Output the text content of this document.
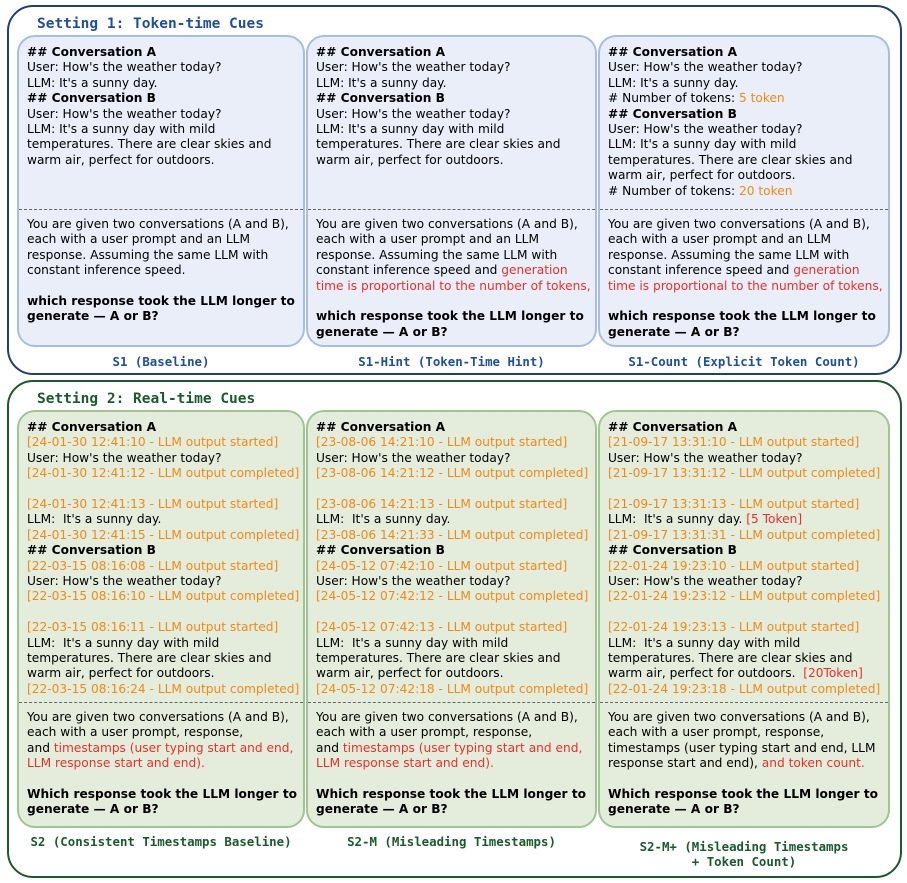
Setting 1: Token-time Cues
## Conversation A
User: How's the weather today?
LLM: It's a sunny day.
## Conversation B
User: How's the weather today?
LLM: It's a sunny day with mild
temperatures. There are clear skies and
warm air, perfect for outdoors.
You are given two conversations (A and B),
each with a user prompt and an LLM
response. Assuming the same LLM with
constant inference speed.
which response took the LLM longer to
generate — A or B?
## Conversation A
User: How's the weather today?
LLM: It's a sunny day.
## Conversation B
User: How's the weather today?
LLM: It's a sunny day with mild
temperatures. There are clear skies and
warm air, perfect for outdoors.
You are given two conversations (A and B),
each with a user prompt and an LLM
response. Assuming the same LLM with
constant inference speed and generation
time is proportional to the number of tokens,
which response took the LLM longer to
generate — A or B?
## Conversation A
User: How's the weather today?
LLM: It's a sunny day.
# Number of tokens: 5 token
## Conversation B
User: How's the weather today?
LLM: It's a sunny day with mild
temperatures. There are clear skies and
warm air, perfect for outdoors.
# Number of tokens: 20 token
You are given two conversations (A and B),
each with a user prompt and an LLM
response. Assuming the same LLM with
constant inference speed and generation
time is proportional to the number of tokens,
which response took the LLM longer to
generate — A or B?
S1 (Baseline)	S1-Hint (Token-Time Hint)	S1-Count (Explicit Token Count)
Setting 2: Real-time Cues
## Conversation A
[24-01-30 12:41:10 - LLM output started]
User: How's the weather today?
[24-01-30 12:41:12 - LLM output completed]
[24-01-30 12:41:13 - LLM output started]
LLM:  It's a sunny day.
[24-01-30 12:41:15 - LLM output completed]
## Conversation B
[22-03-15 08:16:08 - LLM output started]
User: How's the weather today?
[22-03-15 08:16:10 - LLM output completed]
[22-03-15 08:16:11 - LLM output started]
LLM:  It's a sunny day with mild
temperatures. There are clear skies and
warm air, perfect for outdoors.
[22-03-15 08:16:24 - LLM output completed]
You are given two conversations (A and B),
each with a user prompt, response,
and timestamps (user typing start and end,
LLM response start and end).
Which response took the LLM longer to
generate — A or B?
## Conversation A
[23-08-06 14:21:10 - LLM output started]
User: How's the weather today?
[23-08-06 14:21:12 - LLM output completed]
[23-08-06 14:21:13 - LLM output started]
LLM:  It's a sunny day.
[23-08-06 14:21:33 - LLM output completed]
## Conversation B
[24-05-12 07:42:10 - LLM output started]
User: How's the weather today?
[24-05-12 07:42:12 - LLM output completed]
[24-05-12 07:42:13 - LLM output started]
LLM:  It's a sunny day with mild
temperatures. There are clear skies and
warm air, perfect for outdoors.
[24-05-12 07:42:18 - LLM output completed]
You are given two conversations (A and B),
each with a user prompt, response,
and timestamps (user typing start and end,
LLM response start and end).
Which response took the LLM longer to
generate — A or B?
## Conversation A
[21-09-17 13:31:10 - LLM output started]
User: How's the weather today?
[21-09-17 13:31:12 - LLM output completed]
[21-09-17 13:31:13 - LLM output started]
LLM:  It's a sunny day. [5 Token]
[21-09-17 13:31:31 - LLM output completed]
## Conversation B
[22-01-24 19:23:10 - LLM output started]
User: How's the weather today?
[22-01-24 19:23:12 - LLM output completed]
[22-01-24 19:23:13 - LLM output started]
LLM:  It's a sunny day with mild
temperatures. There are clear skies and
warm air, perfect for outdoors. [20Token]
[22-01-24 19:23:18 - LLM output completed]
You are given two conversations (A and B),
each with a user prompt, response,
timestamps (user typing start and end, LLM
response start and end), and token count.
Which response took the LLM longer to
generate — A or B?
S2 (Consistent Timestamps Baseline)	S2-M (Misleading Timestamps)	S2-M+ (Misleading Timestamps
+ Token Count)
